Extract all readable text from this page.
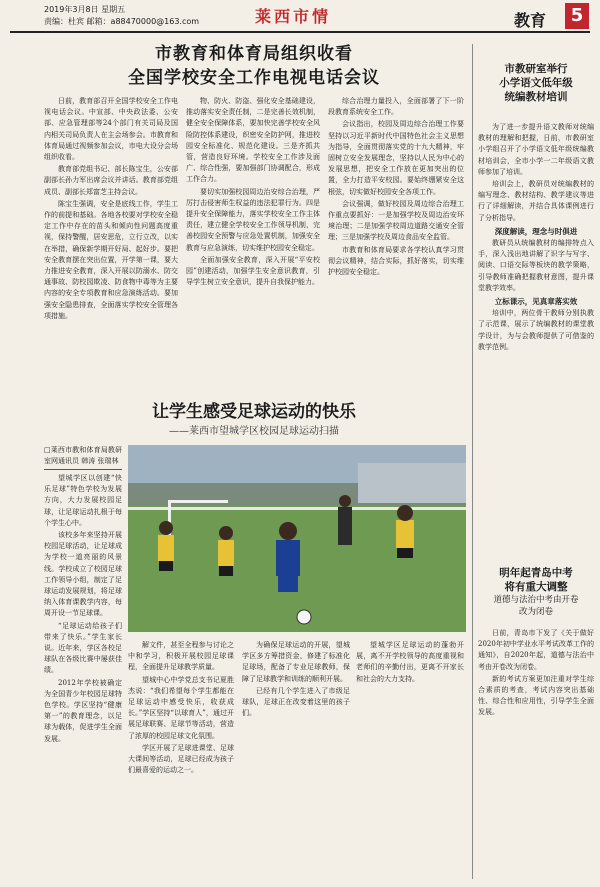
2019年3月8日 星期五
责编：杜宾 邮箱：a88470000@163.com	莱西市情	教育	5
市教育和体育局组织收看
全国学校安全工作电视电话会议

日前，教育部召开全国学校安全工作电视电话会议。中宣部、中央政法委、公安部、应急管理部等24个部门有关司局及国内相关司局负责人在主会场参会。市教育和体育局通过视频参加会议，市电大设分会场组织收看。

教育部党组书记、部长陈宝生，公安部副部长孙力军出席会议并讲话。教育部党组成员、副部长郑富芝主持会议。

陈宝生强调，安全是底线工作，学生工作的前提和基础。各地各校要对学校安全稳定工作中存在的苗头和倾向性问题高度重视，保持警醒，居安思危，立行立改，以实在举措，确保新学期开好局、起好步。要把安全教育摆在突出位置，开学第一课，要大力推进安全教育，深入开展以防溺水、防交通事故、防校园欺凌、防食物中毒等为主要内容的安全专项教育和应急演练活动。要加强安全隐患排查，全面落实学校安全管理各项措施。

物、防火、防盗、强化安全基础建设，推动落实安全责任制，二是完善长效机制，健全安全保障体系，要加快完善学校安全风险防控体系建设，织密安全防护网，推进校园安全标准化、规范化建设。三是齐抓共管，营造良好环境。学校安全工作涉及面广、综合性强，要加强部门协调配合，形成工作合力。

要切实加强校园周边治安综合治理，严厉打击侵害师生权益的违法犯罪行为。四是提升安全保障能力，落实学校安全工作主体责任，建立健全学校安全工作领导机制，完善校园安全预警与应急处置机制，加强安全教育与应急演练，切实维护校园安全稳定。

全面加强安全教育，深入开展“平安校园”创建活动，加强学生安全意识教育，引导学生树立安全意识，提升自我保护能力。

综合治理力量投入，全面部署了下一阶段教育系统安全工作。

会议指出，校园及周边综合治理工作要坚持以习近平新时代中国特色社会主义思想为指导，全面贯彻落实党的十九大精神，牢固树立安全发展理念，坚持以人民为中心的发展思想，把安全工作放在更加突出的位置，全力打造平安校园。要始终绷紧安全这根弦，切实做好校园安全各项工作。

会议强调，做好校园及周边综合治理工作重点要抓好：一是加强学校及周边治安环境治理；二是加强学校周边道路交通安全管理；三是加强学校及周边食品安全监管。

市教育和体育局要求各学校认真学习贯彻会议精神，结合实际，抓好落实，切实维护校园安全稳定。

让学生感受足球运动的快乐
——莱西市望城学区校园足球运动扫描
□莱西市教和体育局教研室网通讯员 韩涛 张瑞林

望城学区以创建“快乐足球”特色学校为发展方向，大力发展校园足球，让足球运动扎根于每个学生心中。

该校多年来坚持开展校园足球活动，让足球成为学校一道亮丽的风景线。学校成立了校园足球工作领导小组，制定了足球运动发展规划，将足球纳入体育课教学内容，每周开设一节足球课。

“足球运动给孩子们带来了快乐。”学生家长说。近年来，学区各校足球队在各级比赛中屡获佳绩。

2012年学校被确定为全国青少年校园足球特色学校。学区坚持“健康第一”的教育理念，以足球为载体，促进学生全面发展。

解文件，甚至全程参与讨论之中和学习，积极开展校园足球课程，全面提升足球教学质量。

望城中心中学党总支书记夏胜杰说：“我们希望每个学生都能在足球运动中感受快乐，收获成长。”学区坚持“以球育人”，通过开展足球联赛、足球节等活动，营造了浓厚的校园足球文化氛围。

学区开展了足球进课堂、足球大课间等活动，足球已经成为孩子们最喜爱的运动之一。

为确保足球运动的开展，望城学区多方筹措资金，修建了标准化足球场，配备了专业足球教师，保障了足球教学和训练的顺利开展。

已经有几个学生进入了市级足球队，足球正在改变着这里的孩子们。

望城学区足球运动的蓬勃开展，离不开学校领导的高度重视和老师们的辛勤付出，更离不开家长和社会的大力支持。

市教研室举行
小学语文低年级
统编教材培训

为了进一步提升语文教师对统编教材的理解和把握，日前，市教研室小学组召开了小学语文低年级统编教材培训会，全市小学一二年级语文教师参加了培训。

培训会上，教研员对统编教材的编写理念、教材结构、教学建议等进行了详细解读，并结合具体课例进行了分析指导。

深度解读，理念与时俱进

教研员从统编教材的编排特点入手，深入浅出地讲解了识字与写字、阅读、口语交际等板块的教学策略，引导教师准确把握教材意图，提升课堂教学效率。

立标课示，见真章落实效

培训中，两位骨干教师分别执教了示范课，展示了统编教材的课堂教学设计，为与会教师提供了可借鉴的教学范例。

明年起青岛中考
将有重大调整
道德与法治中考由开卷
改为闭卷

日前，青岛市下发了《关于做好2020年初中学业水平考试改革工作的通知》，自2020年起，道德与法治中考由开卷改为闭卷。

新的考试方案更加注重对学生综合素质的考查，考试内容突出基础性、综合性和应用性，引导学生全面发展。
